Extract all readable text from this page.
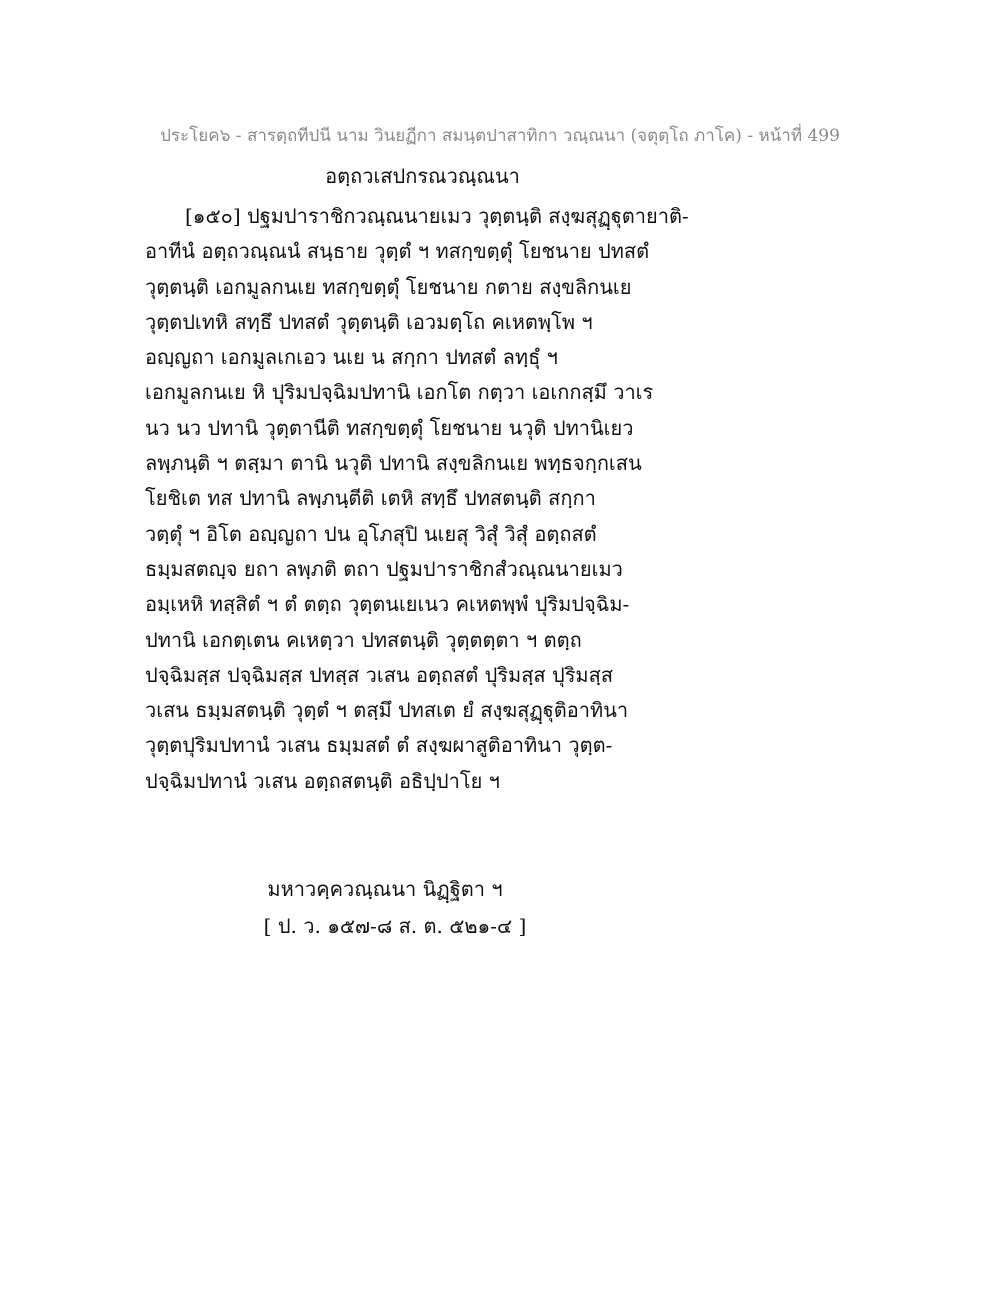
ประโยค๖ - สารตฺถทีปนี นาม วินยฏีกา สมนฺตปาสาทิกา วณฺณนา (จตุตฺโถ ภาโค) - หน้าที่ 499
อตฺถวเสปกรณวณฺณนา
[๑๕๐] ปฐมปาราชิกวณฺณนายเมว วุตฺตนฺติ สงฺฆสุฏฺฐุตายาติ-
อาทีนํ อตฺถวณฺณนํ สนฺธาย วุตฺตํ ฯ ทสกฺขตฺตุํ โยชนาย ปทสตํ
วุตฺตนฺติ เอกมูลกนเย ทสกฺขตฺตุํ โยชนาย กตาย สงฺขลิกนเย
วุตฺตปเทหิ สทฺธึ ปทสตํ วุตฺตนฺติ เอวมตฺโถ คเหตพฺโพ ฯ
อญฺญถา เอกมูลเกเอว นเย น สกฺกา ปทสตํ ลทฺธุํ ฯ
เอกมูลกนเย หิ ปุริมปจฺฉิมปทานิ เอกโต กตฺวา เอเกกสฺมึ วาเร
นว นว ปทานิ วุตฺตานีติ ทสกฺขตฺตุํ โยชนาย นวุติ ปทานิเยว
ลพฺภนฺติ ฯ ตสฺมา ตานิ นวุติ ปทานิ สงฺขลิกนเย พทฺธจกฺกเสน
โยชิเต ทส ปทานิ ลพฺภนฺตีติ เตหิ สทฺธึ ปทสตนฺติ สกฺกา
วตฺตุํ ฯ อิโต อญฺญถา ปน อุโภสุปิ นเยสุ วิสุํ วิสุํ อตฺถสตํ
ธมฺมสตญฺจ ยถา ลพฺภติ ตถา ปฐมปาราชิกสํวณฺณนายเมว
อมฺเหหิ ทสฺสิตํ ฯ ตํ ตตฺถ วุตฺตนเยเนว คเหตพฺพํ ปุริมปจฺฉิม-
ปทานิ เอกตฺเตน คเหตฺวา ปทสตนฺติ วุตฺตตฺตา ฯ ตตฺถ
ปจฺฉิมสฺส ปจฺฉิมสฺส ปทสฺส วเสน อตฺถสตํ ปุริมสฺส ปุริมสฺส
วเสน ธมฺมสตนฺติ วุตฺตํ ฯ ตสฺมึ ปทสเต ยํ สงฺฆสุฏฺฐุติอาทินา
วุตฺตปุริมปทานํ วเสน ธมฺมสตํ ตํ สงฺฆผาสูติอาทินา วุตฺต-
ปจฺฉิมปทานํ วเสน อตฺถสตนฺติ อธิปฺปาโย ฯ
มหาวคฺควณฺณนา นิฏฺฐิตา ฯ
[ ป. ว. ๑๕๗-๘ ส. ต. ๕๒๑-๔ ]
